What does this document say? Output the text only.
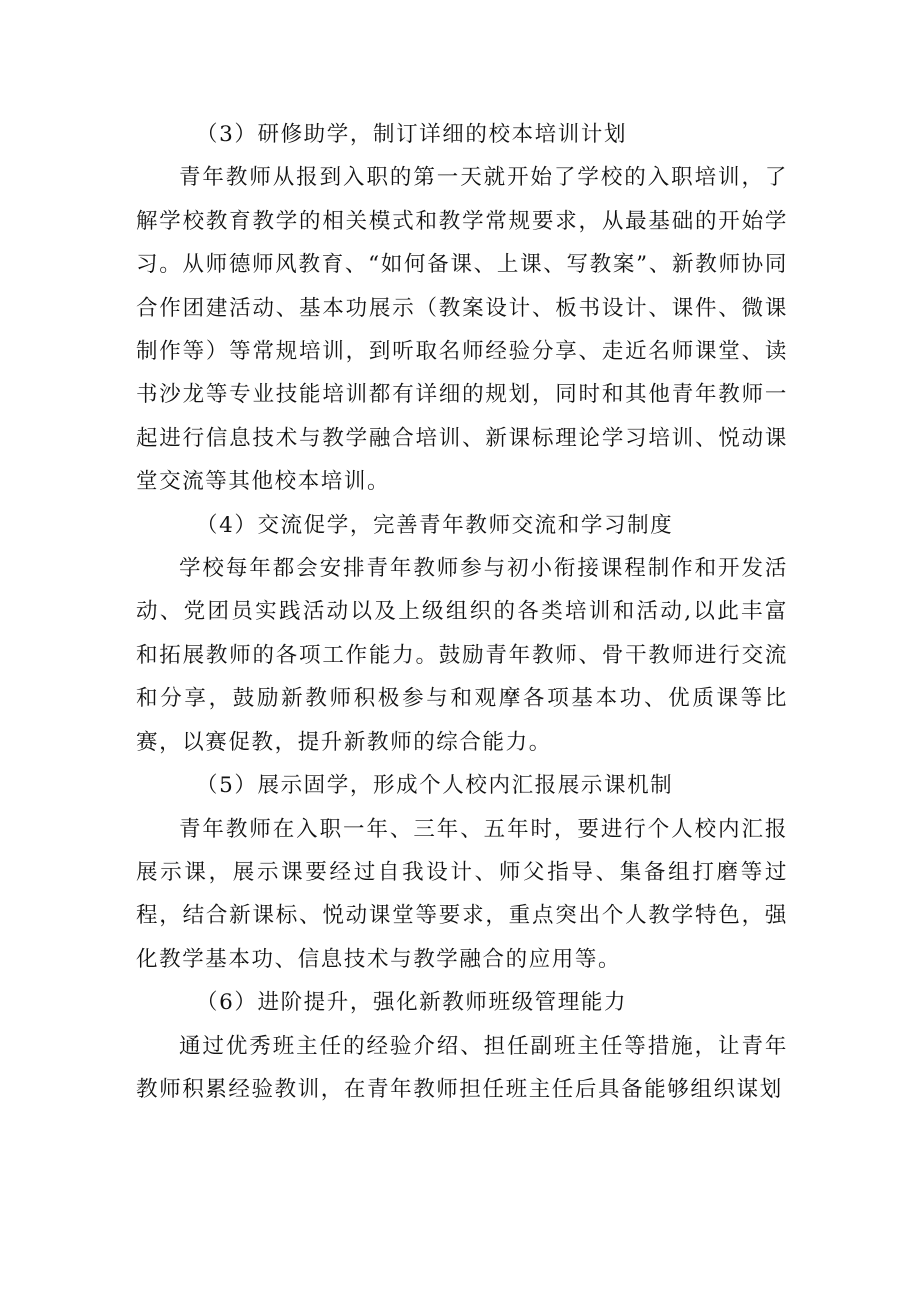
（3）研修助学，制订详细的校本培训计划

青年教师从报到入职的第一天就开始了学校的入职培训，了解学校教育教学的相关模式和教学常规要求，从最基础的开始学习。从师德师风教育、“如何备课、上课、写教案”、新教师协同合作团建活动、基本功展示（教案设计、板书设计、课件、微课制作等）等常规培训，到听取名师经验分享、走近名师课堂、读书沙龙等专业技能培训都有详细的规划，同时和其他青年教师一起进行信息技术与教学融合培训、新课标理论学习培训、悦动课堂交流等其他校本培训。

（4）交流促学，完善青年教师交流和学习制度

学校每年都会安排青年教师参与初小衔接课程制作和开发活动、党团员实践活动以及上级组织的各类培训和活动,以此丰富和拓展教师的各项工作能力。鼓励青年教师、骨干教师进行交流和分享，鼓励新教师积极参与和观摩各项基本功、优质课等比赛，以赛促教，提升新教师的综合能力。

（5）展示固学，形成个人校内汇报展示课机制

青年教师在入职一年、三年、五年时，要进行个人校内汇报展示课，展示课要经过自我设计、师父指导、集备组打磨等过程，结合新课标、悦动课堂等要求，重点突出个人教学特色，强化教学基本功、信息技术与教学融合的应用等。

（6）进阶提升，强化新教师班级管理能力

通过优秀班主任的经验介绍、担任副班主任等措施，让青年教师积累经验教训，在青年教师担任班主任后具备能够组织谋划
